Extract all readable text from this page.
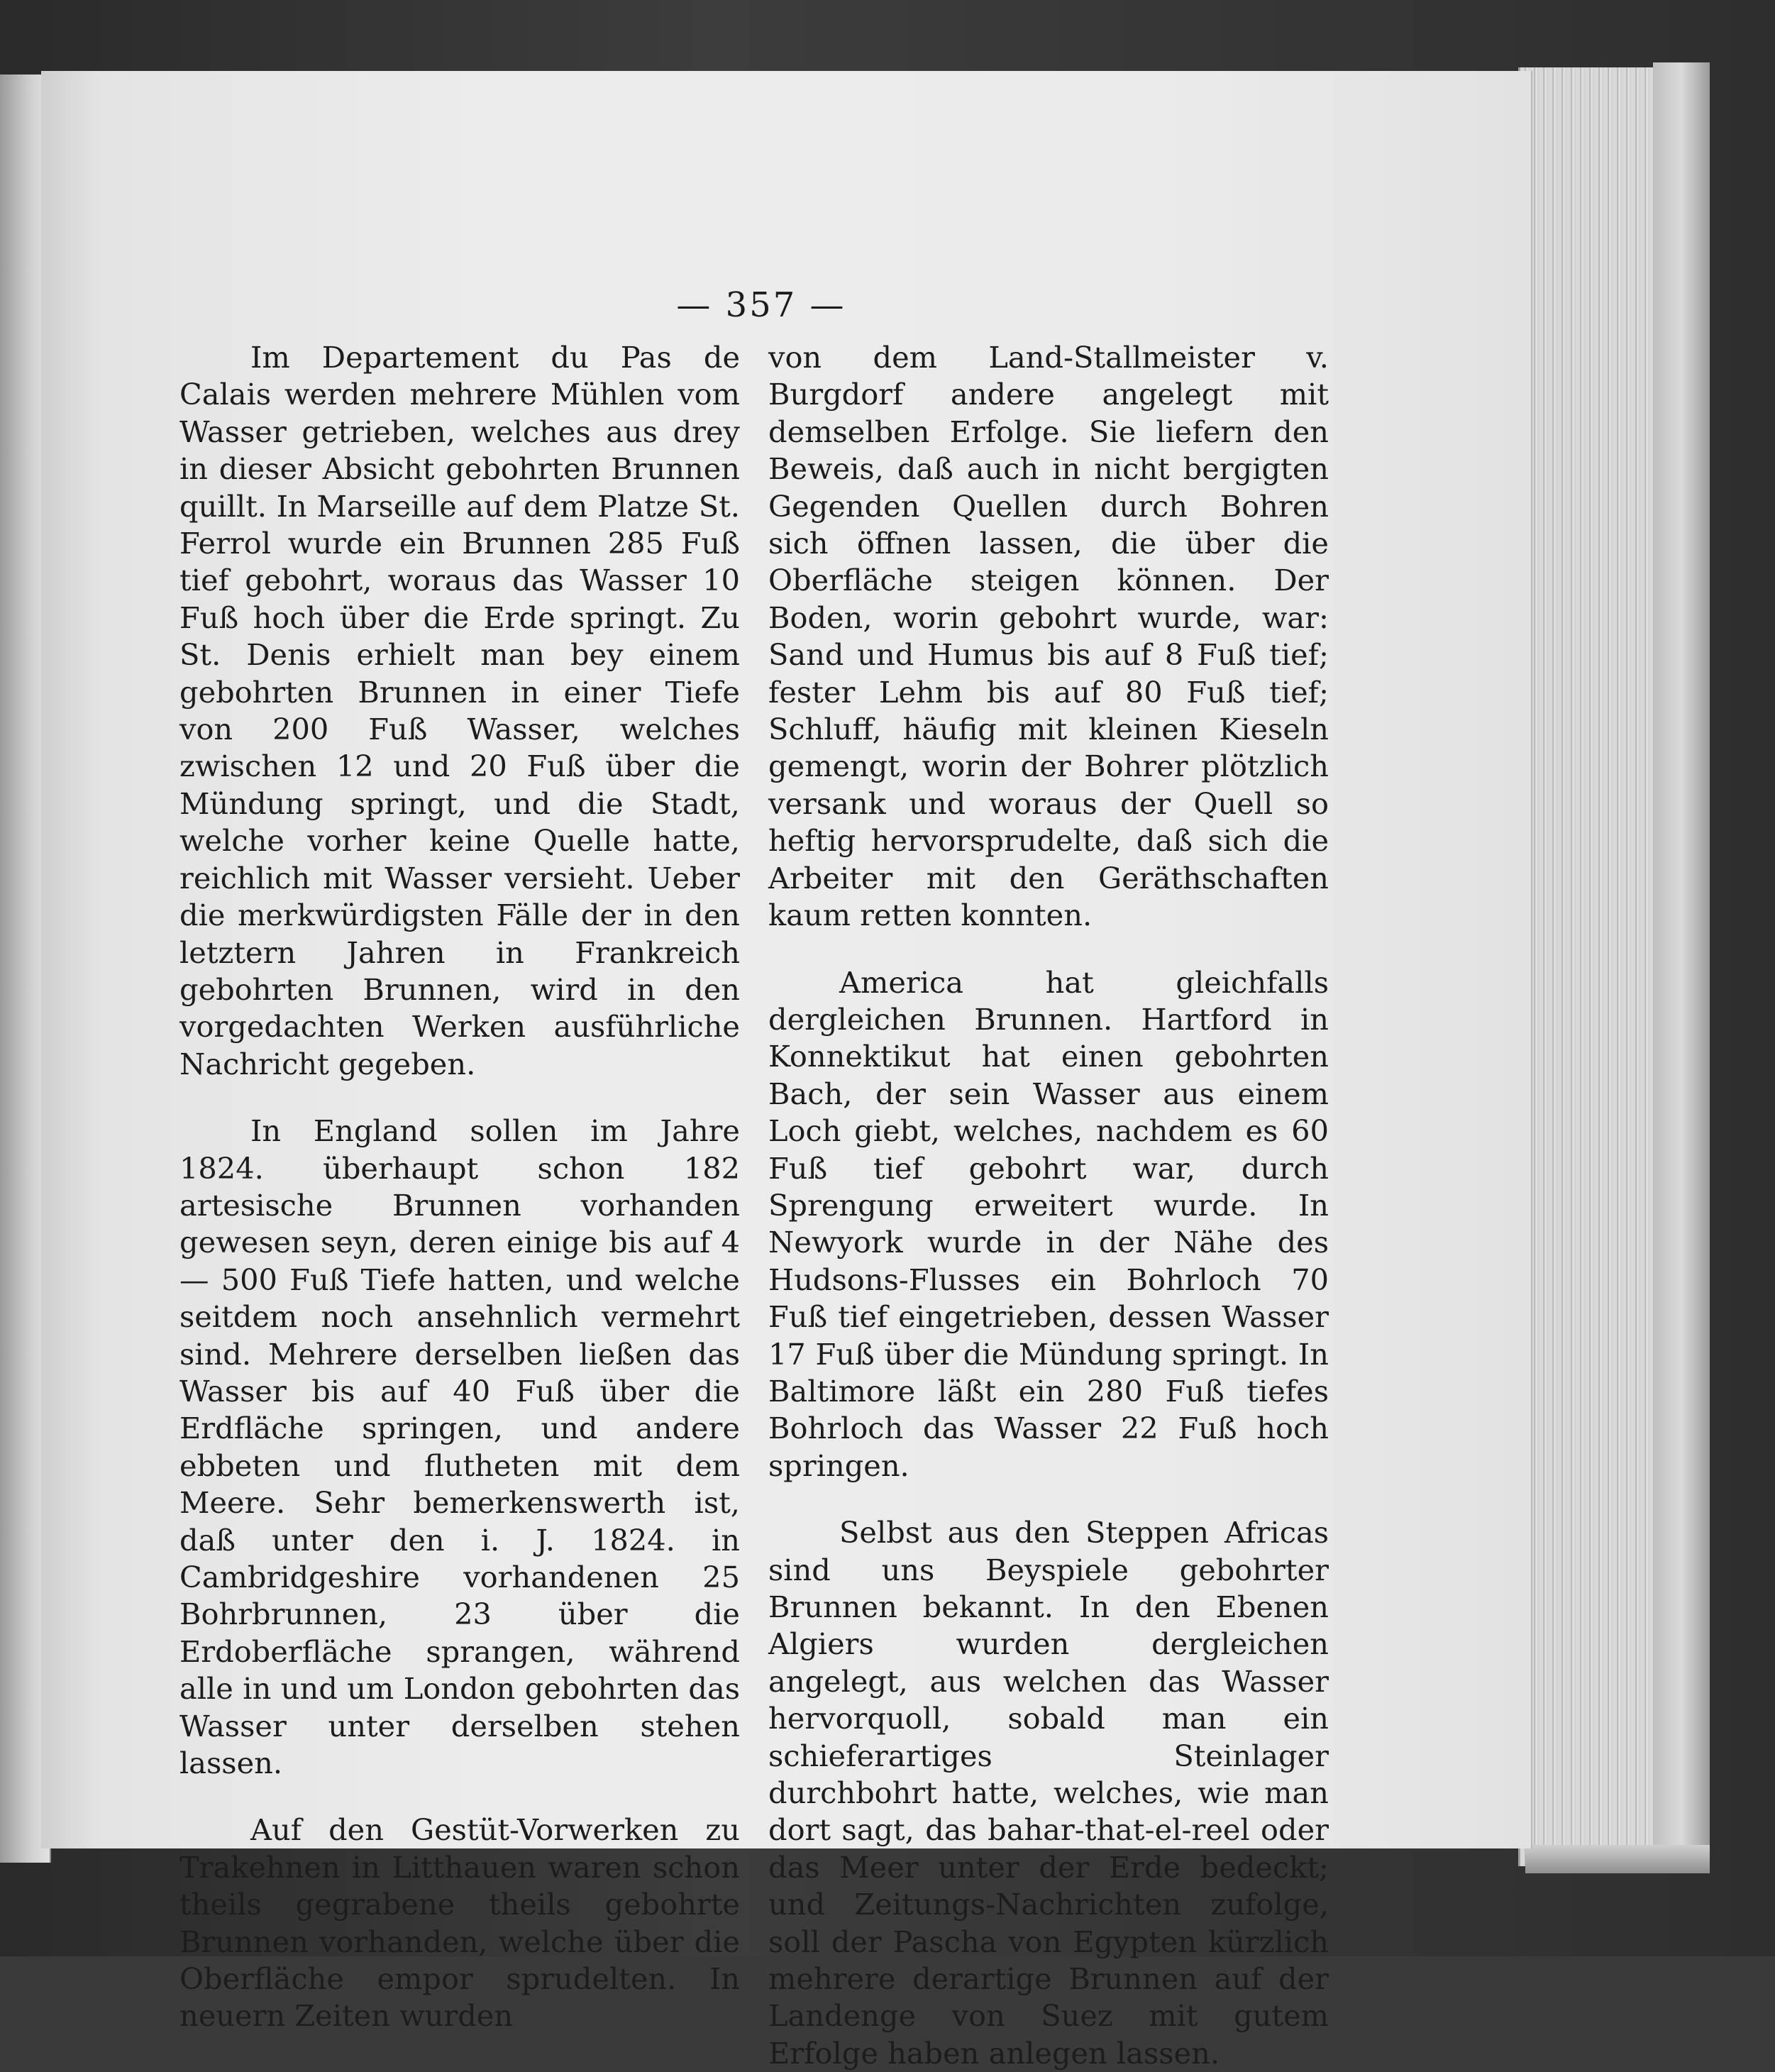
— 357 —

Im Departement du Pas de Calais werden mehrere Mühlen vom Wasser getrieben, welches aus drey in dieser Absicht gebohrten Brunnen quillt. In Marseille auf dem Platze St. Ferrol wurde ein Brunnen 285 Fuß tief gebohrt, woraus das Wasser 10 Fuß hoch über die Erde springt. Zu St. Denis erhielt man bey einem gebohrten Brunnen in einer Tiefe von 200 Fuß Wasser, welches zwischen 12 und 20 Fuß über die Mündung springt, und die Stadt, welche vorher keine Quelle hatte, reichlich mit Wasser versieht. Ueber die merkwürdigsten Fälle der in den letztern Jahren in Frankreich gebohrten Brunnen, wird in den vorgedachten Werken ausführliche Nachricht gegeben.

In England sollen im Jahre 1824. überhaupt schon 182 artesische Brunnen vorhanden gewesen seyn, deren einige bis auf 4 — 500 Fuß Tiefe hatten, und welche seitdem noch ansehnlich vermehrt sind. Mehrere derselben ließen das Wasser bis auf 40 Fuß über die Erdfläche springen, und andere ebbeten und flutheten mit dem Meere. Sehr bemerkenswerth ist, daß unter den i. J. 1824. in Cambridgeshire vorhandenen 25 Bohrbrunnen, 23 über die Erdoberfläche sprangen, während alle in und um London gebohrten das Wasser unter derselben stehen lassen.

Auf den Gestüt-Vorwerken zu Trakehnen in Litthauen waren schon theils gegrabene theils gebohrte Brunnen vorhanden, welche über die Oberfläche empor sprudelten. In neuern Zeiten wurden

von dem Land-Stallmeister v. Burgdorf andere angelegt mit demselben Erfolge. Sie liefern den Beweis, daß auch in nicht bergigten Gegenden Quellen durch Bohren sich öffnen lassen, die über die Oberfläche steigen können. Der Boden, worin gebohrt wurde, war: Sand und Humus bis auf 8 Fuß tief; fester Lehm bis auf 80 Fuß tief; Schluff, häufig mit kleinen Kieseln gemengt, worin der Bohrer plötzlich versank und woraus der Quell so heftig hervorsprudelte, daß sich die Arbeiter mit den Geräthschaften kaum retten konnten.

America hat gleichfalls dergleichen Brunnen. Hartford in Konnektikut hat einen gebohrten Bach, der sein Wasser aus einem Loch giebt, welches, nachdem es 60 Fuß tief gebohrt war, durch Sprengung erweitert wurde. In Newyork wurde in der Nähe des Hudsons-Flusses ein Bohrloch 70 Fuß tief eingetrieben, dessen Wasser 17 Fuß über die Mündung springt. In Baltimore läßt ein 280 Fuß tiefes Bohrloch das Wasser 22 Fuß hoch springen.

Selbst aus den Steppen Africas sind uns Beyspiele gebohrter Brunnen bekannt. In den Ebenen Algiers wurden dergleichen angelegt, aus welchen das Wasser hervorquoll, sobald man ein schieferartiges Steinlager durchbohrt hatte, welches, wie man dort sagt, das bahar-that-el-reel oder das Meer unter der Erde bedeckt; und Zeitungs-Nachrichten zufolge, soll der Pascha von Egypten kürzlich mehrere derartige Brunnen auf der Landenge von Suez mit gutem Erfolge haben anlegen lassen.
